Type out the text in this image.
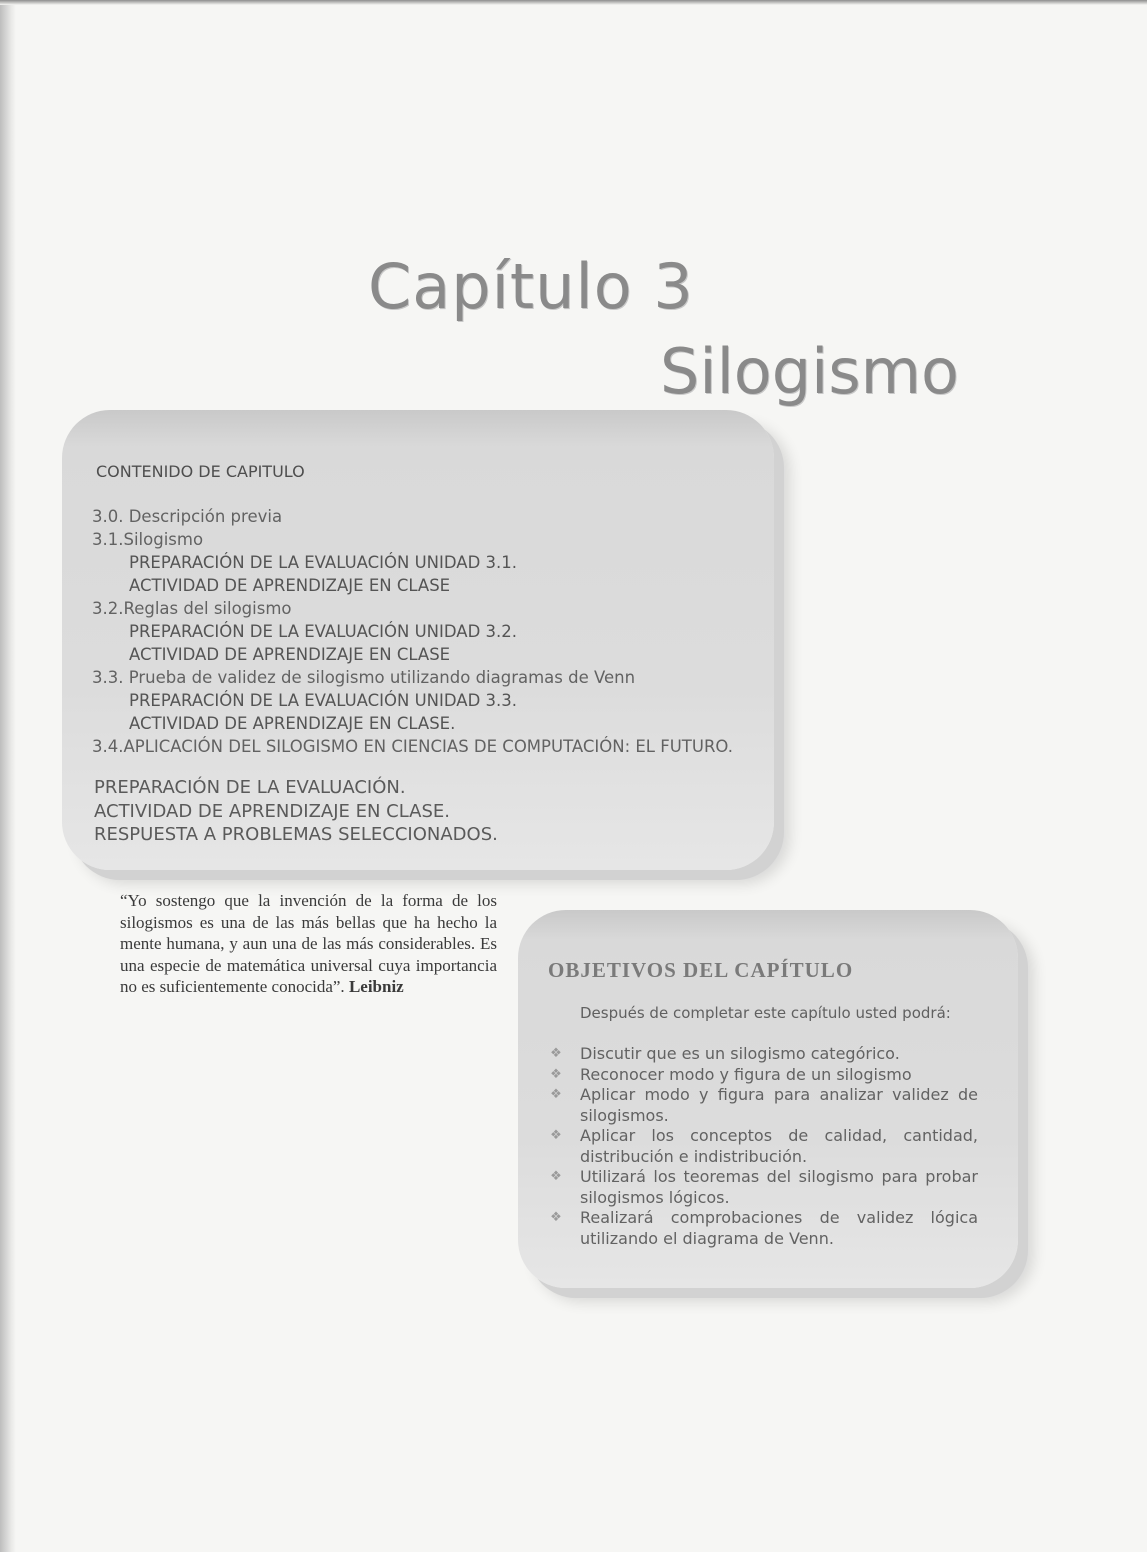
Capítulo 3
Silogismo
CONTENIDO DE CAPITULO
3.0. Descripción previa
3.1.Silogismo
PREPARACIÓN DE LA EVALUACIÓN UNIDAD 3.1.
ACTIVIDAD DE APRENDIZAJE EN CLASE
3.2.Reglas del silogismo
PREPARACIÓN DE LA EVALUACIÓN UNIDAD 3.2.
ACTIVIDAD DE APRENDIZAJE EN CLASE
3.3. Prueba de validez de silogismo utilizando diagramas de Venn
PREPARACIÓN DE LA EVALUACIÓN UNIDAD 3.3.
ACTIVIDAD DE APRENDIZAJE EN CLASE.
3.4.APLICACIÓN DEL SILOGISMO EN CIENCIAS DE COMPUTACIÓN: EL FUTURO.
PREPARACIÓN DE LA EVALUACIÓN.
ACTIVIDAD DE APRENDIZAJE EN CLASE.
RESPUESTA A PROBLEMAS SELECCIONADOS.

“Yo sostengo que la invención de la forma de los silogismos es una de las más bellas que ha hecho la mente humana, y aun una de las más considerables. Es una especie de matemática universal cuya importancia no es suficientemente conocida”. Leibniz

OBJETIVOS DEL CAPÍTULO

Después de completar este capítulo usted podrá:

❖ Discutir que es un silogismo categórico.
❖ Reconocer modo y figura de un silogismo
❖ Aplicar modo y figura para analizar validez de silogismos.
❖ Aplicar los conceptos de calidad, cantidad, distribución e indistribución.
❖ Utilizará los teoremas del silogismo para probar silogismos lógicos.
❖ Realizará comprobaciones de validez lógica utilizando el diagrama de Venn.
